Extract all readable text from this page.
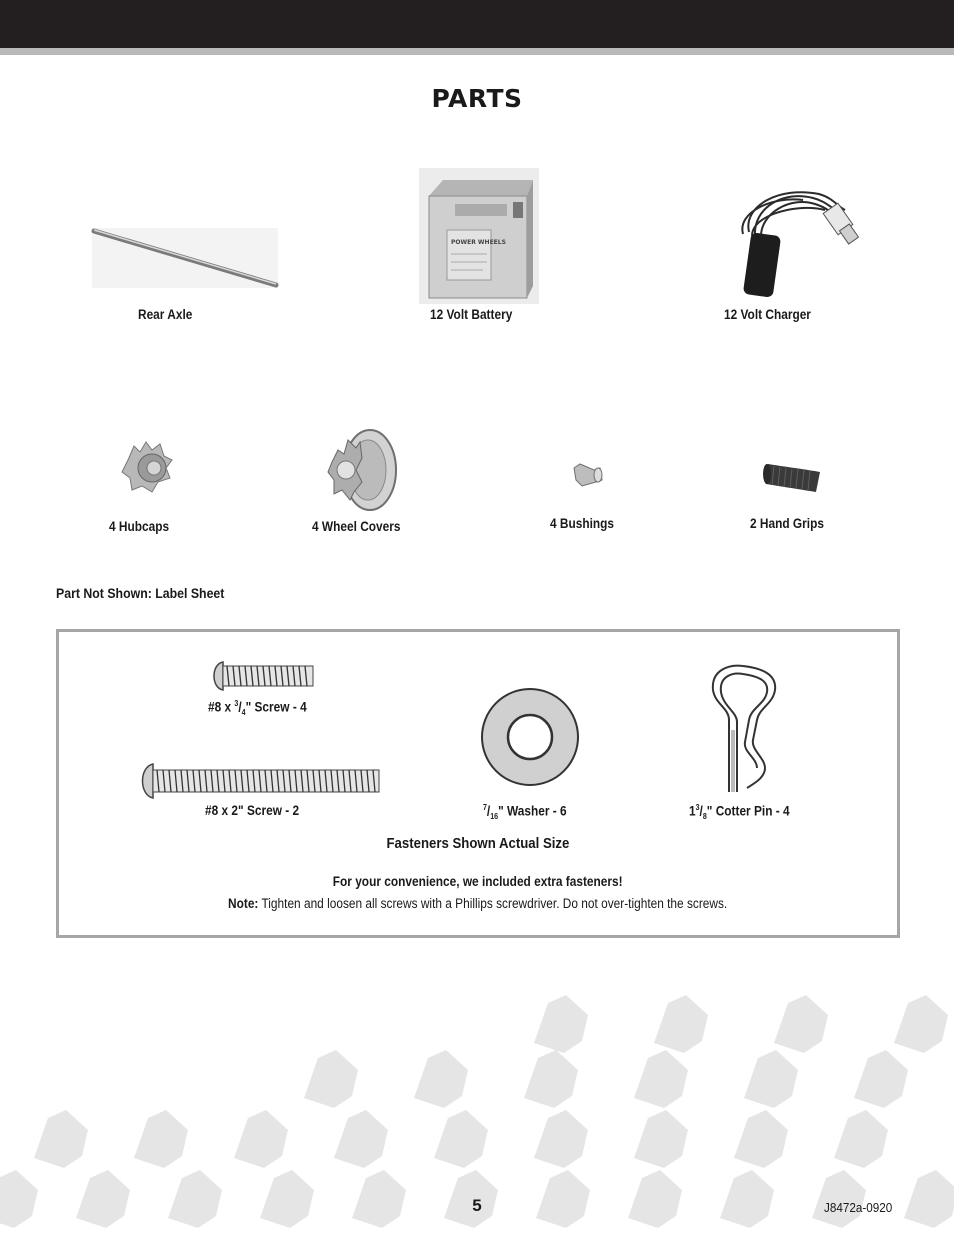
PARTS
Rear Axle
POWER WHEELS
12 Volt Battery	12 Volt Charger
4 Hubcaps	4 Wheel Covers	4 Bushings	2 Hand Grips
Part Not Shown: Label Sheet
#8 x $^3/_4$" Screw - 4
#8 x 2" Screw - 2	$^7/_{16}$" Washer - 6	$1^3/_8$" Cotter Pin - 4
Fasteners Shown Actual Size
For your convenience, we included extra fasteners!
Note: Tighten and loosen all screws with a Phillips screwdriver. Do not over-tighten the screws.
5	J8472a-0920
